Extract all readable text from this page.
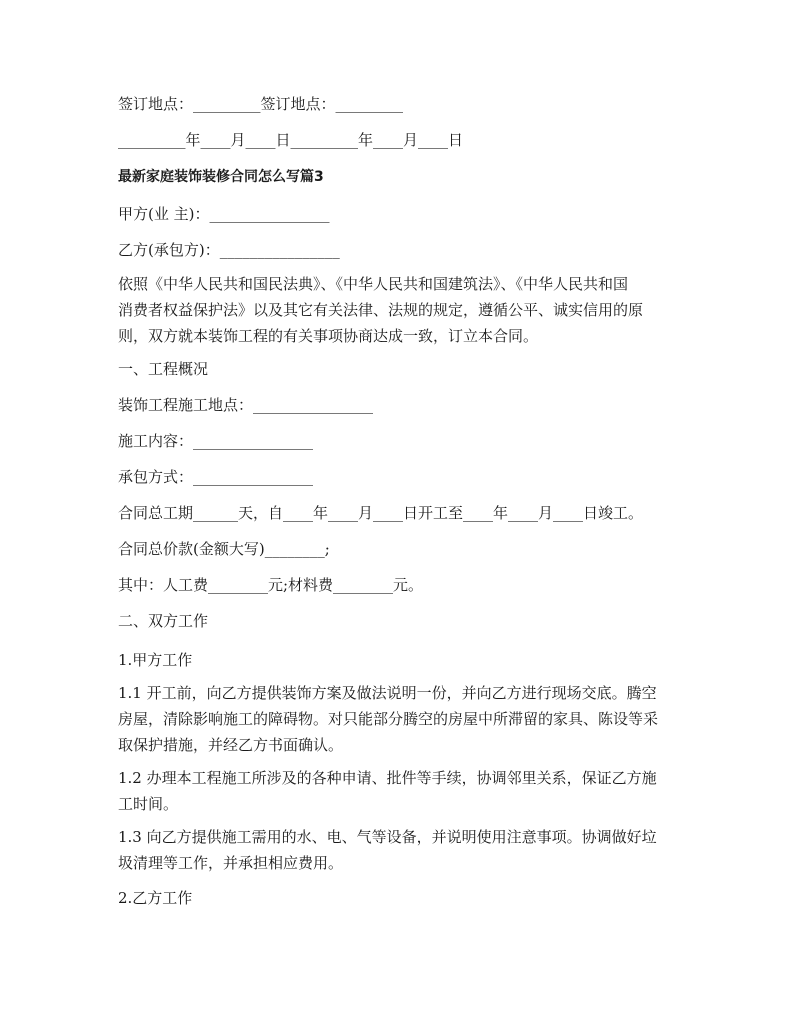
签订地点：_________签订地点：_________

_________年____月____日_________年____月____日

最新家庭装饰装修合同怎么写篇3

甲方(业 主)：________________

乙方(承包方)：________________

依照《中华人民共和国民法典》、《中华人民共和国建筑法》、《中华人民共和国
消费者权益保护法》以及其它有关法律、法规的规定，遵循公平、诚实信用的原
则，双方就本装饰工程的有关事项协商达成一致，订立本合同。

一、工程概况

装饰工程施工地点：________________

施工内容：________________

承包方式：________________

合同总工期______天，自____年____月____日开工至____年____月____日竣工。

合同总价款(金额大写)________;

其中：人工费________元;材料费________元。

二、双方工作

1.甲方工作

1.1 开工前，向乙方提供装饰方案及做法说明一份，并向乙方进行现场交底。腾空
房屋，清除影响施工的障碍物。对只能部分腾空的房屋中所滞留的家具、陈设等采
取保护措施，并经乙方书面确认。
1.2 办理本工程施工所涉及的各种申请、批件等手续，协调邻里关系，保证乙方施
工时间。
1.3 向乙方提供施工需用的水、电、气等设备，并说明使用注意事项。协调做好垃
圾清理等工作，并承担相应费用。

2.乙方工作
